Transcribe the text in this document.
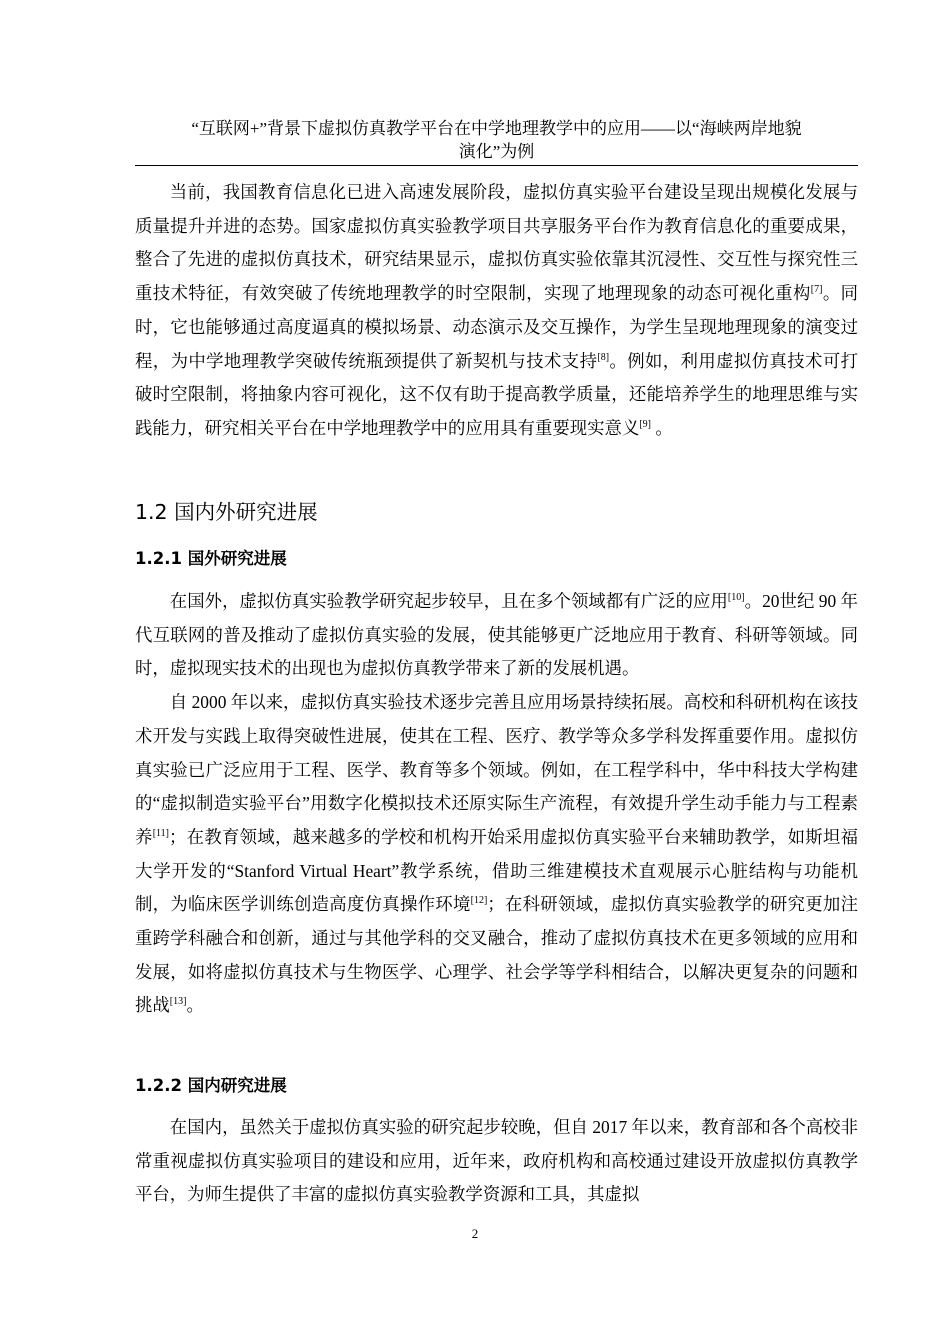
“互联网+”背景下虚拟仿真教学平台在中学地理教学中的应用——以“海峡两岸地貌
演化”为例

当前，我国教育信息化已进入高速发展阶段，虚拟仿真实验平台建设呈现出规模化发展与质量提升并进的态势。国家虚拟仿真实验教学项目共享服务平台作为教育信息化的重要成果，整合了先进的虚拟仿真技术，研究结果显示，虚拟仿真实验依靠其沉浸性、交互性与探究性三重技术特征，有效突破了传统地理教学的时空限制，实现了地理现象的动态可视化重构[7]。同时，它也能够通过高度逼真的模拟场景、动态演示及交互操作，为学生呈现地理现象的演变过程，为中学地理教学突破传统瓶颈提供了新契机与技术支持[8]。例如，利用虚拟仿真技术可打破时空限制，将抽象内容可视化，这不仅有助于提高教学质量，还能培养学生的地理思维与实践能力，研究相关平台在中学地理教学中的应用具有重要现实意义[9] 。

1.2 国内外研究进展
1.2.1 国外研究进展

在国外，虚拟仿真实验教学研究起步较早，且在多个领域都有广泛的应用[10]。20世纪 90 年代互联网的普及推动了虚拟仿真实验的发展，使其能够更广泛地应用于教育、科研等领域。同时，虚拟现实技术的出现也为虚拟仿真教学带来了新的发展机遇。

自 2000 年以来，虚拟仿真实验技术逐步完善且应用场景持续拓展。高校和科研机构在该技术开发与实践上取得突破性进展，使其在工程、医疗、教学等众多学科发挥重要作用。虚拟仿真实验已广泛应用于工程、医学、教育等多个领域。例如，在工程学科中，华中科技大学构建的“虚拟制造实验平台”用数字化模拟技术还原实际生产流程，有效提升学生动手能力与工程素养[11]；在教育领域，越来越多的学校和机构开始采用虚拟仿真实验平台来辅助教学，如斯坦福大学开发的“Stanford Virtual Heart”教学系统，借助三维建模技术直观展示心脏结构与功能机制，为临床医学训练创造高度仿真操作环境[12]；在科研领域，虚拟仿真实验教学的研究更加注重跨学科融合和创新，通过与其他学科的交叉融合，推动了虚拟仿真技术在更多领域的应用和发展，如将虚拟仿真技术与生物医学、心理学、社会学等学科相结合，以解决更复杂的问题和挑战[13]。

1.2.2 国内研究进展

在国内，虽然关于虚拟仿真实验的研究起步较晚，但自 2017 年以来，教育部和各个高校非常重视虚拟仿真实验项目的建设和应用，近年来，政府机构和高校通过建设开放虚拟仿真教学平台，为师生提供了丰富的虚拟仿真实验教学资源和工具，其虚拟

2
